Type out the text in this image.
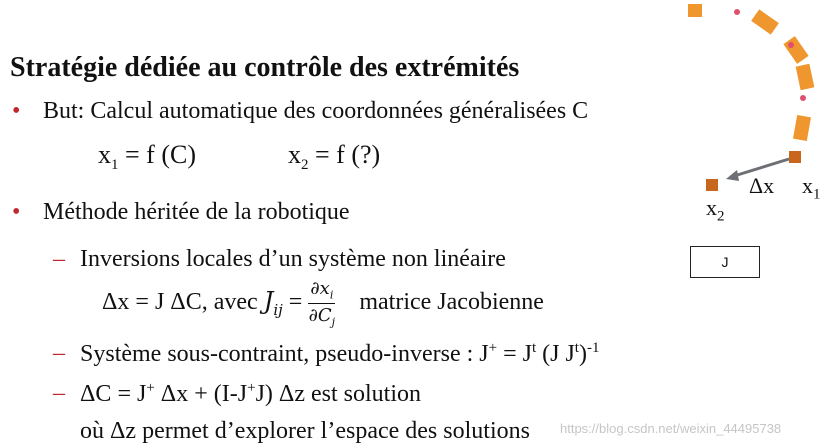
Stratégie dédiée au contrôle des extrémités
• But: Calcul automatique des coordonnées généralisées C
$x_1 = f$ (C)	$x_2 = f$ (?)
• Méthode héritée de la robotique
– Inversions locales d’un système non linéaire
Δx = J ΔC, avec $J_{ij} = \frac{\partial x_i}{\partial C_j}$ matrice Jacobienne
– Système sous-contraint, pseudo-inverse : $J^+ = J^t$ (J $J^t)^{-1}$
– ΔC = J+ Δx + (I-J+J) Δz est solution
où Δz permet d’explorer l’espace des solutions
Δx $x_1$
$x_2$
J
https://blog.csdn.net/weixin_44495738
